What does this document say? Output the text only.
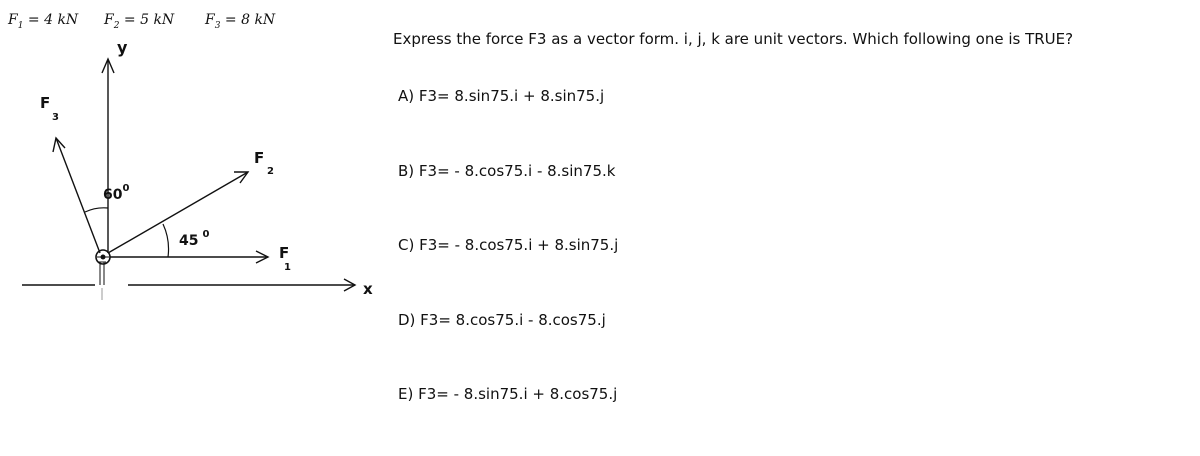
$F_1 = 4$ kN $F_2 = 5$ kN $F_3 = 8$ kN
x
y
F
3
F
2
F
1
$60^0$
45 $^0$
Express the force F3 as a vector form. i, j, k are unit vectors. Which following one is TRUE?
A) F3= 8.sin75.i + 8.sin75.j
B) F3= - 8.cos75.i - 8.sin75.k
C) F3= - 8.cos75.i + 8.sin75.j
D) F3= 8.cos75.i - 8.cos75.j
E) F3= - 8.sin75.i + 8.cos75.j
